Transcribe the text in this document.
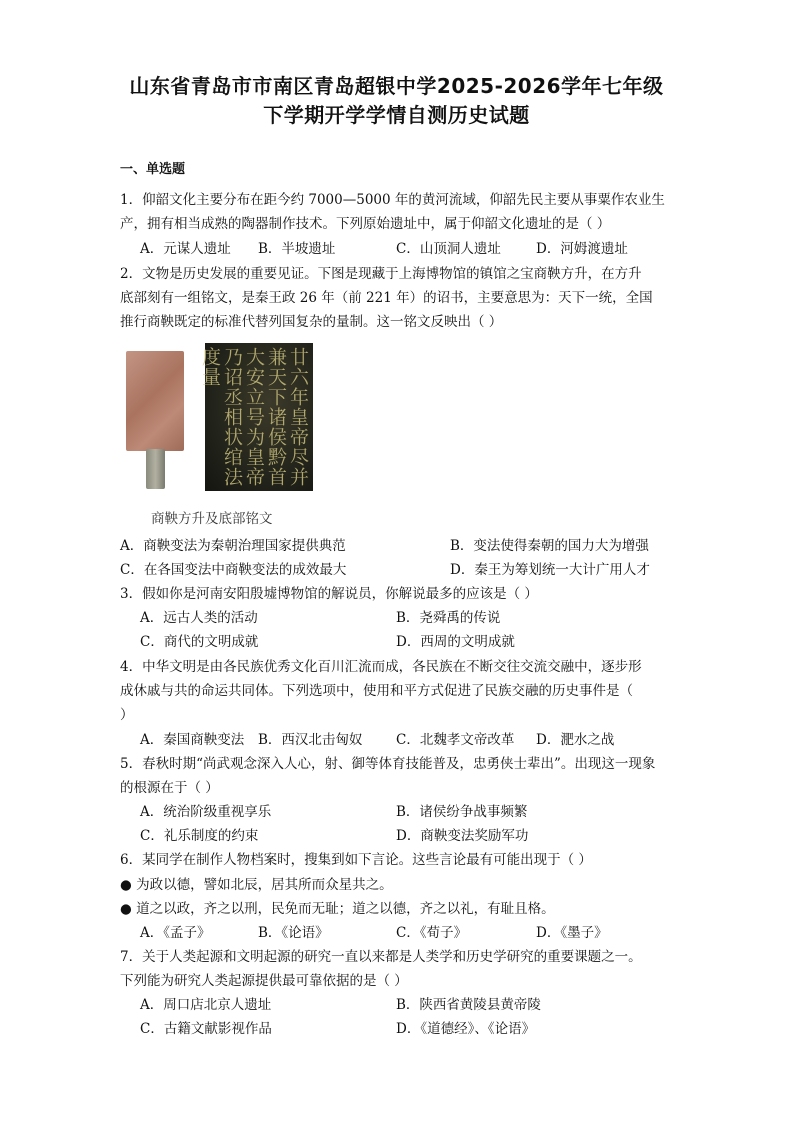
山东省青岛市市南区青岛超银中学2025-2026学年七年级
下学期开学学情自测历史试题
一、单选题
1．仰韶文化主要分布在距今约 7000—5000 年的黄河流域，仰韶先民主要从事粟作农业生
产，拥有相当成熟的陶器制作技术。下列原始遗址中，属于仰韶文化遗址的是（ ）
A．元谋人遗址 B．半坡遗址	C．山顶洞人遗址	D．河姆渡遗址
2．文物是历史发展的重要见证。下图是现藏于上海博物馆的镇馆之宝商鞅方升，在方升
底部刻有一组铭文，是秦王政 26 年（前 221 年）的诏书，主要意思为：天下一统，全国
推行商鞅既定的标准代替列国复杂的量制。这一铭文反映出（ ）
廿六年皇帝尽并兼天下诸侯黔首大安立号为皇帝乃诏丞相状绾法度量
商鞅方升及底部铭文
A．商鞅变法为秦朝治理国家提供典范	B．变法使得秦朝的国力大为增强
C．在各国变法中商鞅变法的成效最大	D．秦王为筹划统一大计广用人才
3．假如你是河南安阳殷墟博物馆的解说员，你解说最多的应该是（ ）
A．远古人类的活动	B．尧舜禹的传说
C．商代的文明成就	D．西周的文明成就
4．中华文明是由各民族优秀文化百川汇流而成，各民族在不断交往交流交融中，逐步形
成休戚与共的命运共同体。下列选项中，使用和平方式促进了民族交融的历史事件是（
）
A．秦国商鞅变法 B．西汉北击匈奴 C．北魏孝文帝改革 D．淝水之战
5．春秋时期“尚武观念深入人心，射、御等体育技能普及，忠勇侠士辈出”。出现这一现象
的根源在于（ ）
A．统治阶级重视享乐	B．诸侯纷争战事频繁
C．礼乐制度的约束	D．商鞅变法奖励军功
6．某同学在制作人物档案时，搜集到如下言论。这些言论最有可能出现于（ ）
● 为政以德，譬如北辰，居其所而众星共之。
● 道之以政，齐之以刑，民免而无耻；道之以德，齐之以礼，有耻且格。
A．《孟子》	B．《论语》	C．《荀子》	D．《墨子》
7．关于人类起源和文明起源的研究一直以来都是人类学和历史学研究的重要课题之一。
下列能为研究人类起源提供最可靠依据的是（ ）
A．周口店北京人遗址	B．陕西省黄陵县黄帝陵
C．古籍文献影视作品	D．《道德经》、《论语》
